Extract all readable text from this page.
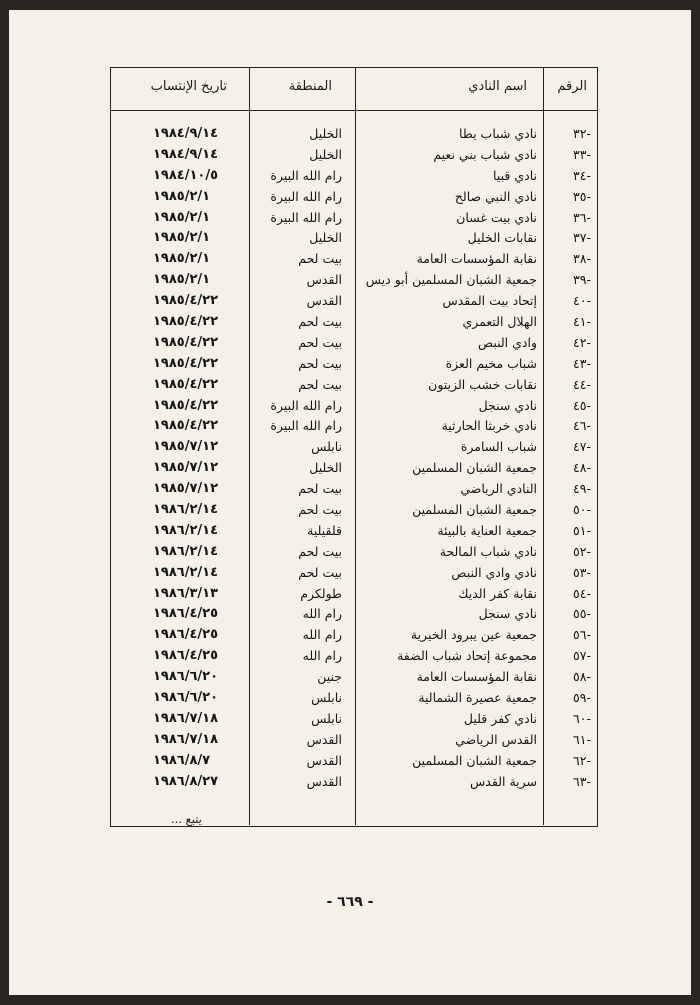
الرقم
اسم النادي
المنطقة
تاريخ الإنتساب
-٣٢
نادي شباب يطا
الخليل
١٩٨٤/٩/١٤
-٣٣
نادي شباب بني نعيم
الخليل
١٩٨٤/٩/١٤
-٣٤
نادي قبيا
رام الله البيرة
١٩٨٤/١٠/٥
-٣٥
نادي النبي صالح
رام الله البيرة
١٩٨٥/٢/١
-٣٦
نادي بيت غسان
رام الله البيرة
١٩٨٥/٢/١
-٣٧
نقابات الخليل
الخليل
١٩٨٥/٢/١
-٣٨
نقابة المؤسسات العامة
بيت لحم
١٩٨٥/٢/١
-٣٩
جمعية الشبان المسلمين أبو ديس
القدس
١٩٨٥/٢/١
-٤٠
إتحاد بيت المقدس
القدس
١٩٨٥/٤/٢٢
-٤١
الهلال التعمري
بيت لحم
١٩٨٥/٤/٢٢
-٤٢
وادي النبص
بيت لحم
١٩٨٥/٤/٢٢
-٤٣
شباب مخيم العزة
بيت لحم
١٩٨٥/٤/٢٢
-٤٤
نقابات خشب الزيتون
بيت لحم
١٩٨٥/٤/٢٢
-٤٥
نادي سنجل
رام الله البيرة
١٩٨٥/٤/٢٢
-٤٦
نادي خربثا الحارثية
رام الله البيرة
١٩٨٥/٤/٢٢
-٤٧
شباب السامرة
نابلس
١٩٨٥/٧/١٢
-٤٨
جمعية الشبان المسلمين
الخليل
١٩٨٥/٧/١٢
-٤٩
النادي الرياضي
بيت لحم
١٩٨٥/٧/١٢
-٥٠
جمعية الشبان المسلمين
بيت لحم
١٩٨٦/٢/١٤
-٥١
جمعية العناية بالبيئة
قلقيلية
١٩٨٦/٢/١٤
-٥٢
نادي شباب المالحة
بيت لحم
١٩٨٦/٢/١٤
-٥٣
نادي وادي النبص
بيت لحم
١٩٨٦/٢/١٤
-٥٤
نقابة كفر الديك
طولكرم
١٩٨٦/٣/١٣
-٥٥
نادي سنجل
رام الله
١٩٨٦/٤/٢٥
-٥٦
جمعية عين يبرود الخيرية
رام الله
١٩٨٦/٤/٢٥
-٥٧
مجموعة إتحاد شباب الضفة
رام الله
١٩٨٦/٤/٢٥
-٥٨
نقابة المؤسسات العامة
جنين
١٩٨٦/٦/٢٠
-٥٩
جمعية عصيرة الشمالية
نابلس
١٩٨٦/٦/٢٠
-٦٠
نادي كفر قليل
نابلس
١٩٨٦/٧/١٨
-٦١
القدس الرياضي
القدس
١٩٨٦/٧/١٨
-٦٢
جمعية الشبان المسلمين
القدس
١٩٨٦/٨/٧
-٦٣
سرية القدس
القدس
١٩٨٦/٨/٢٧
يتبع ...
- ٦٦٩ -
